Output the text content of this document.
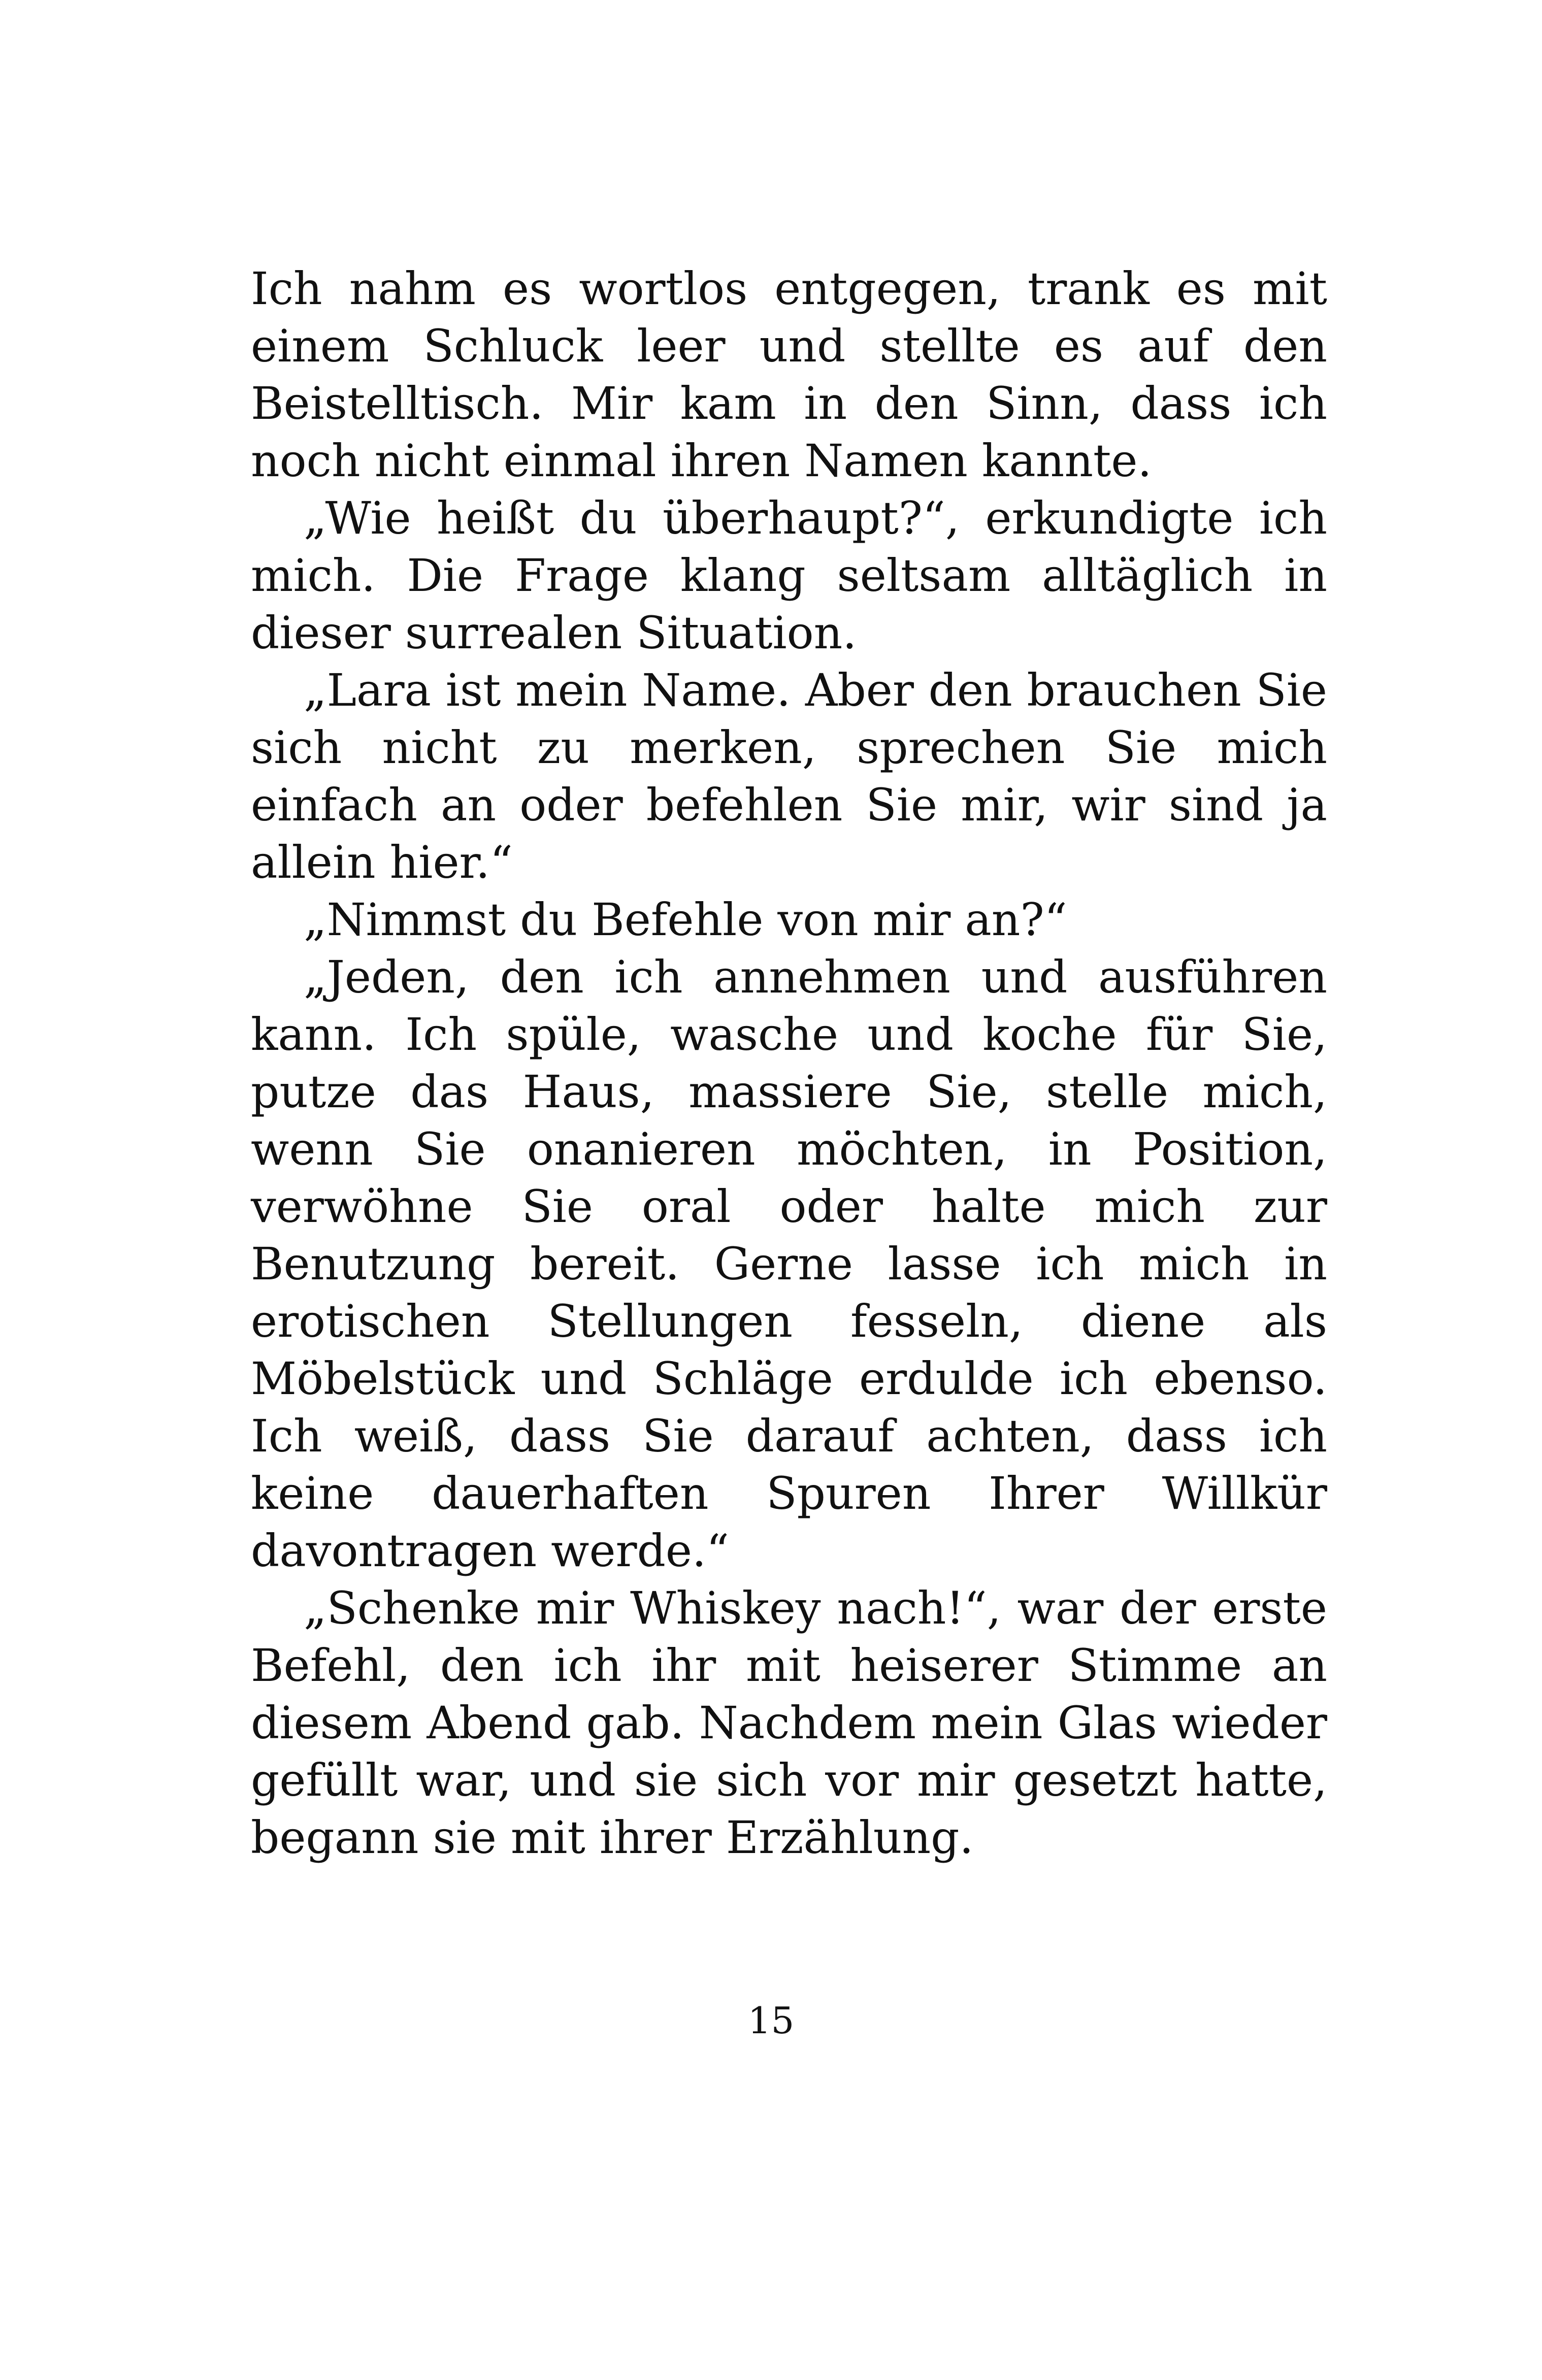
Ich nahm es wortlos entgegen, trank es mit einem Schluck leer und stellte es auf den Beistelltisch. Mir kam in den Sinn, dass ich noch nicht einmal ihren Namen kannte.

„Wie heißt du überhaupt?“, erkundigte ich mich. Die Frage klang seltsam alltäglich in dieser surrealen Situation.

„Lara ist mein Name. Aber den brauchen Sie sich nicht zu merken, sprechen Sie mich einfach an oder befehlen Sie mir, wir sind ja allein hier.“

„Nimmst du Befehle von mir an?“

„Jeden, den ich annehmen und ausführen kann. Ich spüle, wasche und koche für Sie, putze das Haus, massiere Sie, stelle mich, wenn Sie onanieren möchten, in Position, verwöhne Sie oral oder halte mich zur Benutzung bereit. Gerne lasse ich mich in erotischen Stellungen fesseln, diene als Möbelstück und Schläge erdulde ich ebenso. Ich weiß, dass Sie darauf achten, dass ich keine dauerhaften Spuren Ihrer Willkür davontragen werde.“

„Schenke mir Whiskey nach!“, war der erste Befehl, den ich ihr mit heiserer Stimme an diesem Abend gab. Nachdem mein Glas wieder gefüllt war, und sie sich vor mir gesetzt hatte, begann sie mit ihrer Erzählung.

15
